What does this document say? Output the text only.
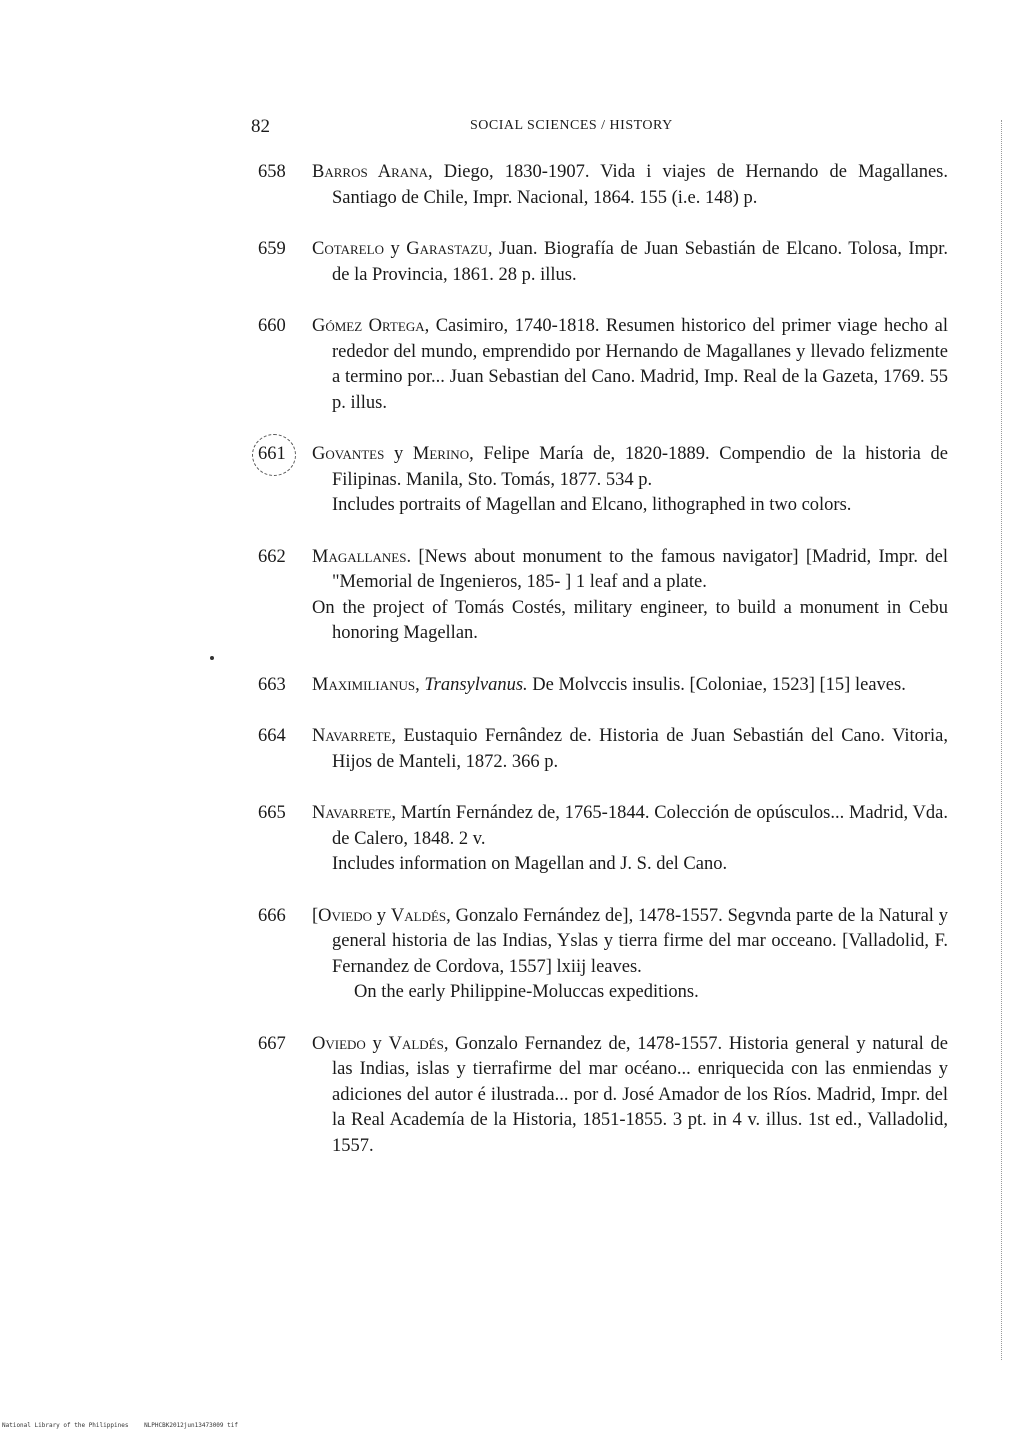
82	SOCIAL SCIENCES / HISTORY
658	Barros Arana, Diego, 1830-1907. Vida i viajes de Hernando de Magallanes. Santiago de Chile, Impr. Nacional, 1864. 155 (i.e. 148) p.
659	Cotarelo y Garastazu, Juan. Biografía de Juan Sebastián de Elcano. Tolosa, Impr. de la Provincia, 1861. 28 p. illus.
660	Gómez Ortega, Casimiro, 1740-1818. Resumen historico del primer viage hecho al rededor del mundo, emprendido por Hernando de Magallanes y llevado felizmente a termino por... Juan Sebastian del Cano. Madrid, Imp. Real de la Gazeta, 1769. 55 p. illus.
661	Govantes y Merino, Felipe María de, 1820-1889. Compendio de la historia de Filipinas. Manila, Sto. Tomás, 1877. 534 p.
Includes portraits of Magellan and Elcano, lithographed in two colors.
662	Magallanes. [News about monument to the famous navigator] [Madrid, Impr. del "Memorial de Ingenieros, 185- ] 1 leaf and a plate.
On the project of Tomás Costés, military engineer, to build a monument in Cebu honoring Magellan.
663	Maximilianus, Transylvanus. De Molvccis insulis. [Coloniae, 1523] [15] leaves.
664	Navarrete, Eustaquio Fernândez de. Historia de Juan Sebastián del Cano. Vitoria, Hijos de Manteli, 1872. 366 p.
665	Navarrete, Martín Fernández de, 1765-1844. Colección de opúsculos... Madrid, Vda. de Calero, 1848. 2 v.
Includes information on Magellan and J. S. del Cano.
666	[Oviedo y Valdés, Gonzalo Fernández de], 1478-1557. Segvnda parte de la Natural y general historia de las Indias, Yslas y tierra firme del mar occeano. [Valladolid, F. Fernandez de Cordova, 1557] lxiij leaves.
On the early Philippine-Moluccas expeditions.
667	Oviedo y Valdés, Gonzalo Fernandez de, 1478-1557. Historia general y natural de las Indias, islas y tierrafirme del mar océano... enriquecida con las enmiendas y adiciones del autor é ilustrada... por d. José Amador de los Ríos. Madrid, Impr. del la Real Academía de la Historia, 1851-1855. 3 pt. in 4 v. illus. 1st ed., Valladolid, 1557.
National Library of the Philippines	NLPHCBK2012jun13473009 tif
